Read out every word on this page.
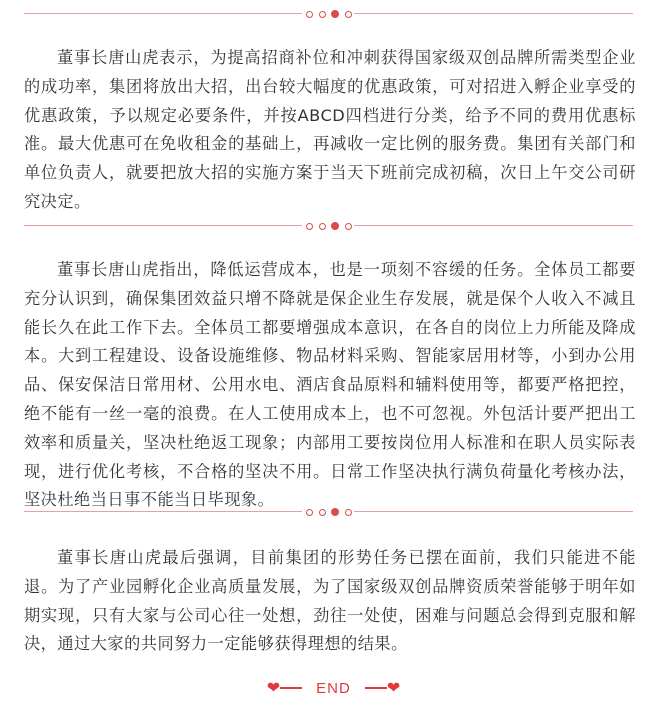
董事长唐山虎表示，为提高招商补位和冲刺获得国家级双创品牌所需类型企业的成功率，集团将放出大招，出台较大幅度的优惠政策，可对招进入孵企业享受的优惠政策，予以规定必要条件，并按ABCD四档进行分类，给予不同的费用优惠标准。最大优惠可在免收租金的基础上，再减收一定比例的服务费。集团有关部门和单位负责人，就要把放大招的实施方案于当天下班前完成初稿，次日上午交公司研究决定。

董事长唐山虎指出，降低运营成本，也是一项刻不容缓的任务。全体员工都要充分认识到，确保集团效益只增不降就是保企业生存发展，就是保个人收入不减且能长久在此工作下去。全体员工都要增强成本意识，在各自的岗位上力所能及降成本。大到工程建设、设备设施维修、物品材料采购、智能家居用材等，小到办公用品、保安保洁日常用材、公用水电、酒店食品原料和辅料使用等，都要严格把控，绝不能有一丝一毫的浪费。在人工使用成本上，也不可忽视。外包活计要严把出工效率和质量关，坚决杜绝返工现象；内部用工要按岗位用人标准和在职人员实际表现，进行优化考核，不合格的坚决不用。日常工作坚决执行满负荷量化考核办法，坚决杜绝当日事不能当日毕现象。

董事长唐山虎最后强调，目前集团的形势任务已摆在面前，我们只能进不能退。为了产业园孵化企业高质量发展，为了国家级双创品牌资质荣誉能够于明年如期实现，只有大家与公司心往一处想，劲往一处使，困难与问题总会得到克服和解决，通过大家的共同努力一定能够获得理想的结果。

❤ END ❤
